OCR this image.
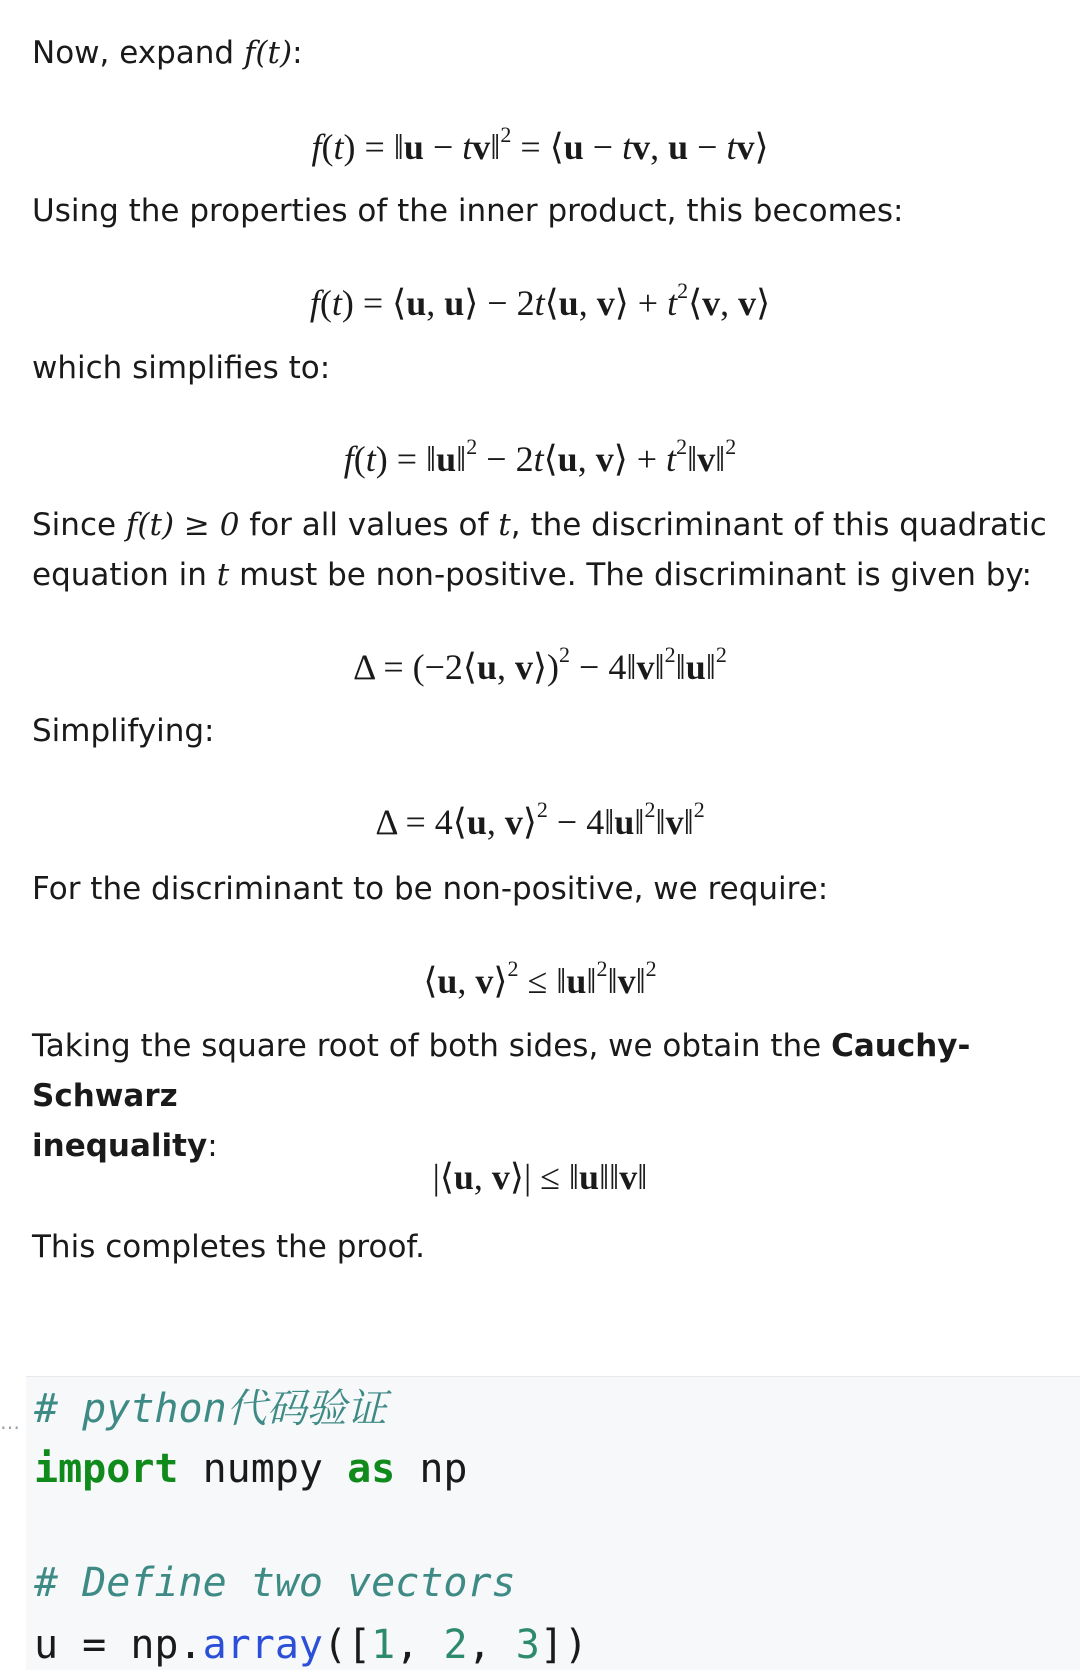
Now, expand f(t):

f(t) = ‖u − tv‖$^2$ = ⟨u − tv, u − tv⟩

Using the properties of the inner product, this becomes:

f(t) = ⟨u, u⟩ − 2t⟨u, v⟩ + $t^2⟨v$, v⟩

which simplifies to:

f(t) = ‖u‖$^2$ − 2t⟨u, v⟩ + $t^2‖v‖^2$

Since f(t) ≥ 0 for all values of t, the discriminant of this quadratic
equation in t must be non-positive. The discriminant is given by:

Δ = (−2⟨u, v⟩)$^2$ − 4‖v‖$^2$‖u‖$^2$

Simplifying:

Δ = 4⟨u, v⟩$^2$ − 4‖u‖$^2$‖v‖$^2$

For the discriminant to be non-positive, we require:

⟨u, v⟩$^2$ ≤ ‖u‖$^2$‖v‖$^2$

Taking the square root of both sides, we obtain the Cauchy-Schwarz
inequality:

|⟨u, v⟩| ≤ ‖u‖‖v‖

This completes the proof.

… # python代码验证
import numpy as np
# Define two vectors
u = np.array([1, 2, 3])
